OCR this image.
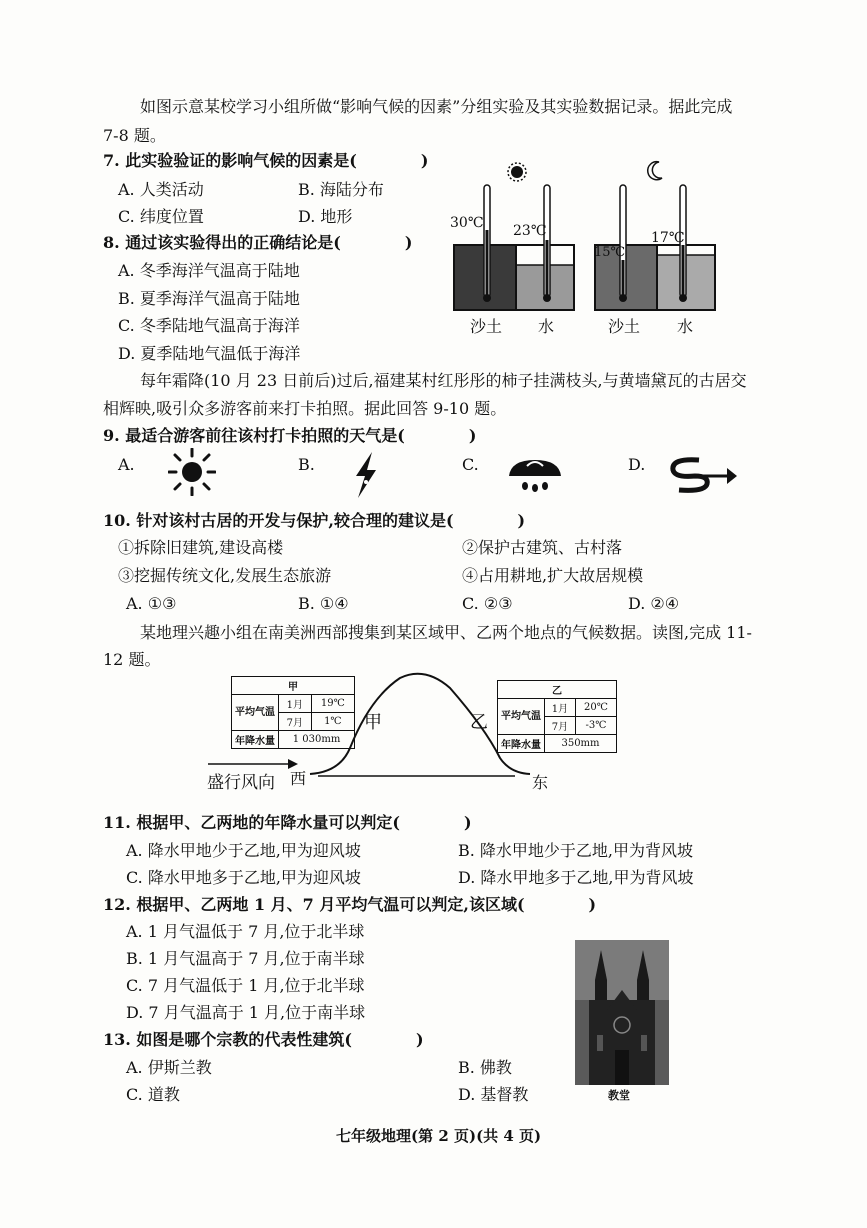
如图示意某校学习小组所做“影响气候的因素”分组实验及其实验数据记录。据此完成
7-8 题。
7. 此实验验证的影响气候的因素是(　　　　)
A. 人类活动	B. 海陆分布
C. 纬度位置	D. 地形
8. 通过该实验得出的正确结论是(　　　　)
A. 冬季海洋气温高于陆地
B. 夏季海洋气温高于陆地
C. 冬季陆地气温高于海洋
D. 夏季陆地气温低于海洋
30℃ 23℃
15℃
17℃
沙土 水	沙土 水
每年霜降(10 月 23 日前后)过后,福建某村红彤彤的柿子挂满枝头,与黄墙黛瓦的古居交
相辉映,吸引众多游客前来打卡拍照。据此回答 9-10 题。
9. 最适合游客前往该村打卡拍照的天气是(　　　　)
A.	B.	C.	D.
10. 针对该村古居的开发与保护,较合理的建议是(　　　　)
①拆除旧建筑,建设高楼	②保护古建筑、古村落
③挖掘传统文化,发展生态旅游	④占用耕地,扩大故居规模
A. ①③	B. ①④	C. ②③	D. ②④
某地理兴趣小组在南美洲西部搜集到某区域甲、乙两个地点的气候数据。读图,完成 11-
12 题。
甲	乙
西	东
盛行风向
甲		
平均气温	1月	19℃
	7月	1℃
年降水量	1 030mm	
乙		
平均气温	1月	20℃
	7月	-3℃
年降水量	350mm	
11. 根据甲、乙两地的年降水量可以判定(　　　　)
A. 降水甲地少于乙地,甲为迎风坡	B. 降水甲地少于乙地,甲为背风坡
C. 降水甲地多于乙地,甲为迎风坡	D. 降水甲地多于乙地,甲为背风坡
12. 根据甲、乙两地 1 月、7 月平均气温可以判定,该区域(　　　　)
A. 1 月气温低于 7 月,位于北半球
B. 1 月气温高于 7 月,位于南半球
C. 7 月气温低于 1 月,位于北半球
D. 7 月气温高于 1 月,位于南半球
13. 如图是哪个宗教的代表性建筑(　　　　)
A. 伊斯兰教	B. 佛教
C. 道教	D. 基督教	教堂
七年级地理(第 2 页)(共 4 页)
